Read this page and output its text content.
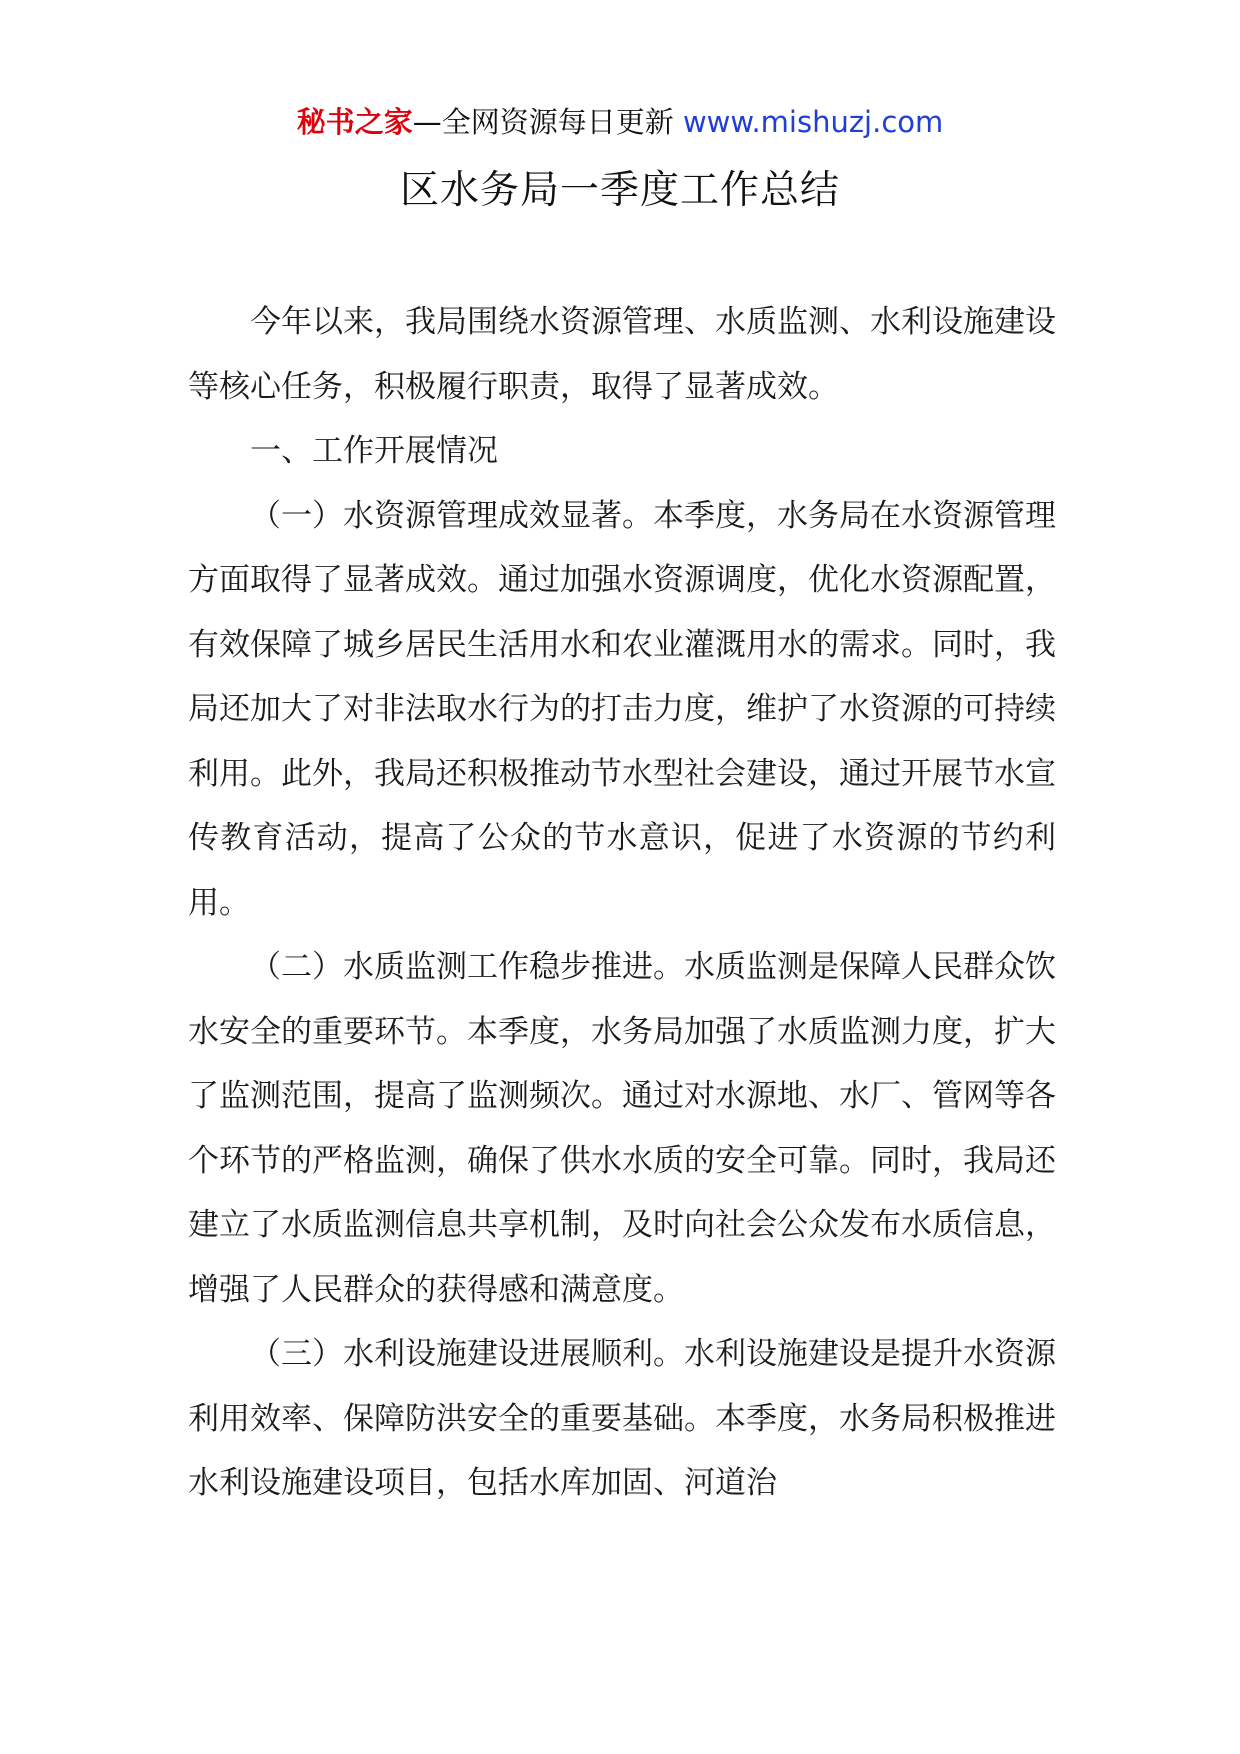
秘书之家—全网资源每日更新 www.mishuzj.com
区水务局一季度工作总结

今年以来，我局围绕水资源管理、水质监测、水利设施建设等核心任务，积极履行职责，取得了显著成效。

一、工作开展情况

（一）水资源管理成效显著。本季度，水务局在水资源管理方面取得了显著成效。通过加强水资源调度，优化水资源配置，有效保障了城乡居民生活用水和农业灌溉用水的需求。同时，我局还加大了对非法取水行为的打击力度，维护了水资源的可持续利用。此外，我局还积极推动节水型社会建设，通过开展节水宣传教育活动，提高了公众的节水意识，促进了水资源的节约利用。

（二）水质监测工作稳步推进。水质监测是保障人民群众饮水安全的重要环节。本季度，水务局加强了水质监测力度，扩大了监测范围，提高了监测频次。通过对水源地、水厂、管网等各个环节的严格监测，确保了供水水质的安全可靠。同时，我局还建立了水质监测信息共享机制，及时向社会公众发布水质信息，增强了人民群众的获得感和满意度。

（三）水利设施建设进展顺利。水利设施建设是提升水资源利用效率、保障防洪安全的重要基础。本季度，水务局积极推进水利设施建设项目，包括水库加固、河道治
